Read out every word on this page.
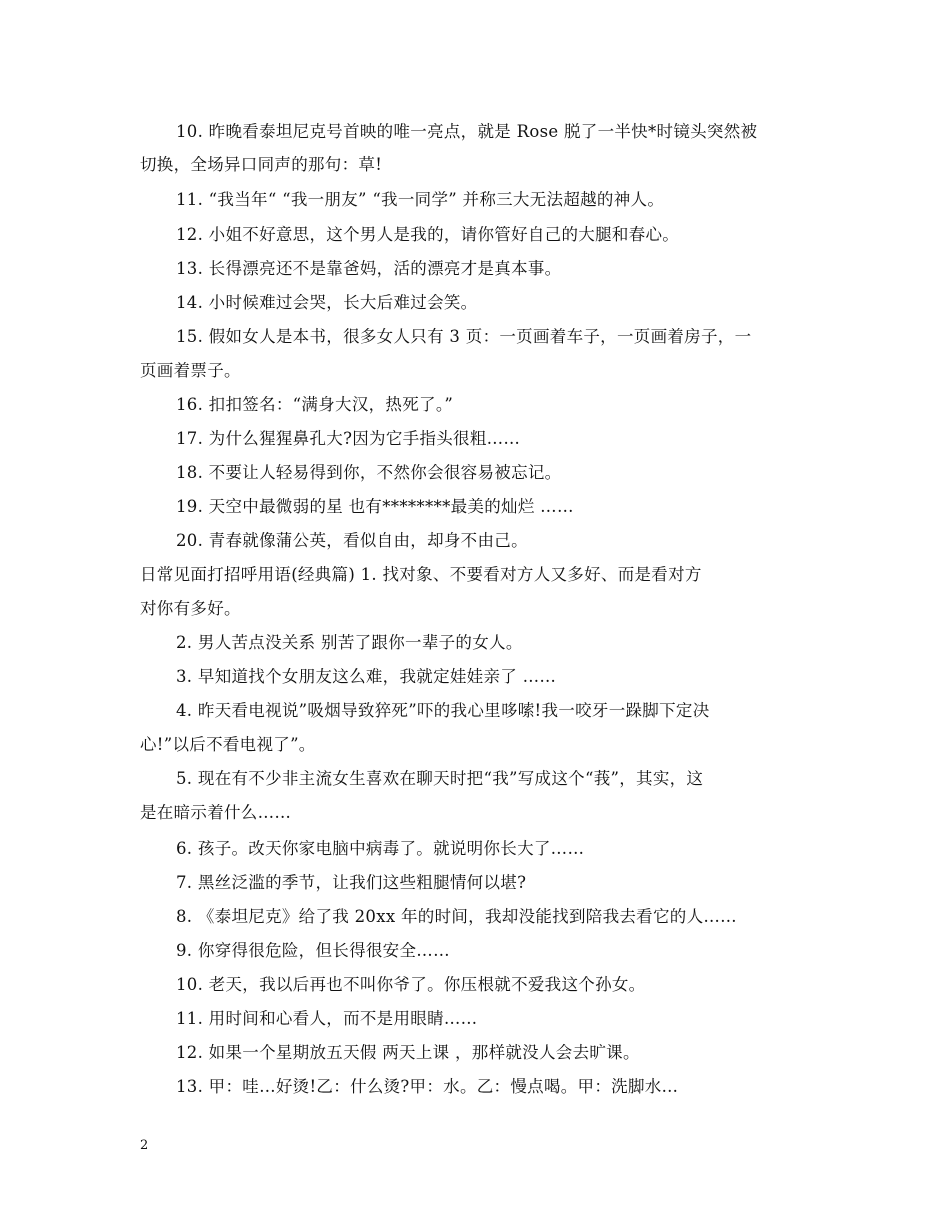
10. 昨晚看泰坦尼克号首映的唯一亮点，就是 Rose 脱了一半快*时镜头突然被
切换，全场异口同声的那句：草!
11. “我当年“ “我一朋友” “我一同学” 并称三大无法超越的神人。
12. 小姐不好意思，这个男人是我的，请你管好自己的大腿和春心。
13. 长得漂亮还不是靠爸妈，活的漂亮才是真本事。
14. 小时候难过会哭，长大后难过会笑。
15. 假如女人是本书，很多女人只有 3 页：一页画着车子，一页画着房子，一
页画着票子。
16. 扣扣签名：“满身大汉，热死了。”
17. 为什么猩猩鼻孔大?因为它手指头很粗……
18. 不要让人轻易得到你，不然你会很容易被忘记。
19. 天空中最微弱的星 也有********最美的灿烂 ……
20. 青春就像蒲公英，看似自由，却身不由己。
日常见面打招呼用语(经典篇) 1. 找对象、不要看对方人又多好、而是看对方
对你有多好。
2. 男人苦点没关系 别苦了跟你一辈子的女人。
3. 早知道找个女朋友这么难，我就定娃娃亲了 ……
4. 昨天看电视说”吸烟导致猝死”吓的我心里哆嗦!我一咬牙一跺脚下定决
心!”以后不看电视了”。
5. 现在有不少非主流女生喜欢在聊天时把“我”写成这个“莪”，其实，这
是在暗示着什么……
6. 孩子。改天你家电脑中病毒了。就说明你长大了……
7. 黑丝泛滥的季节，让我们这些粗腿情何以堪?
8. 《泰坦尼克》给了我 20xx 年的时间，我却没能找到陪我去看它的人……
9. 你穿得很危险，但长得很安全……
10. 老天，我以后再也不叫你爷了。你压根就不爱我这个孙女。
11. 用时间和心看人，而不是用眼睛……
12. 如果一个星期放五天假 两天上课 ，那样就没人会去旷课。
13. 甲：哇…好烫!乙：什么烫?甲：水。乙：慢点喝。甲：洗脚水…
2
